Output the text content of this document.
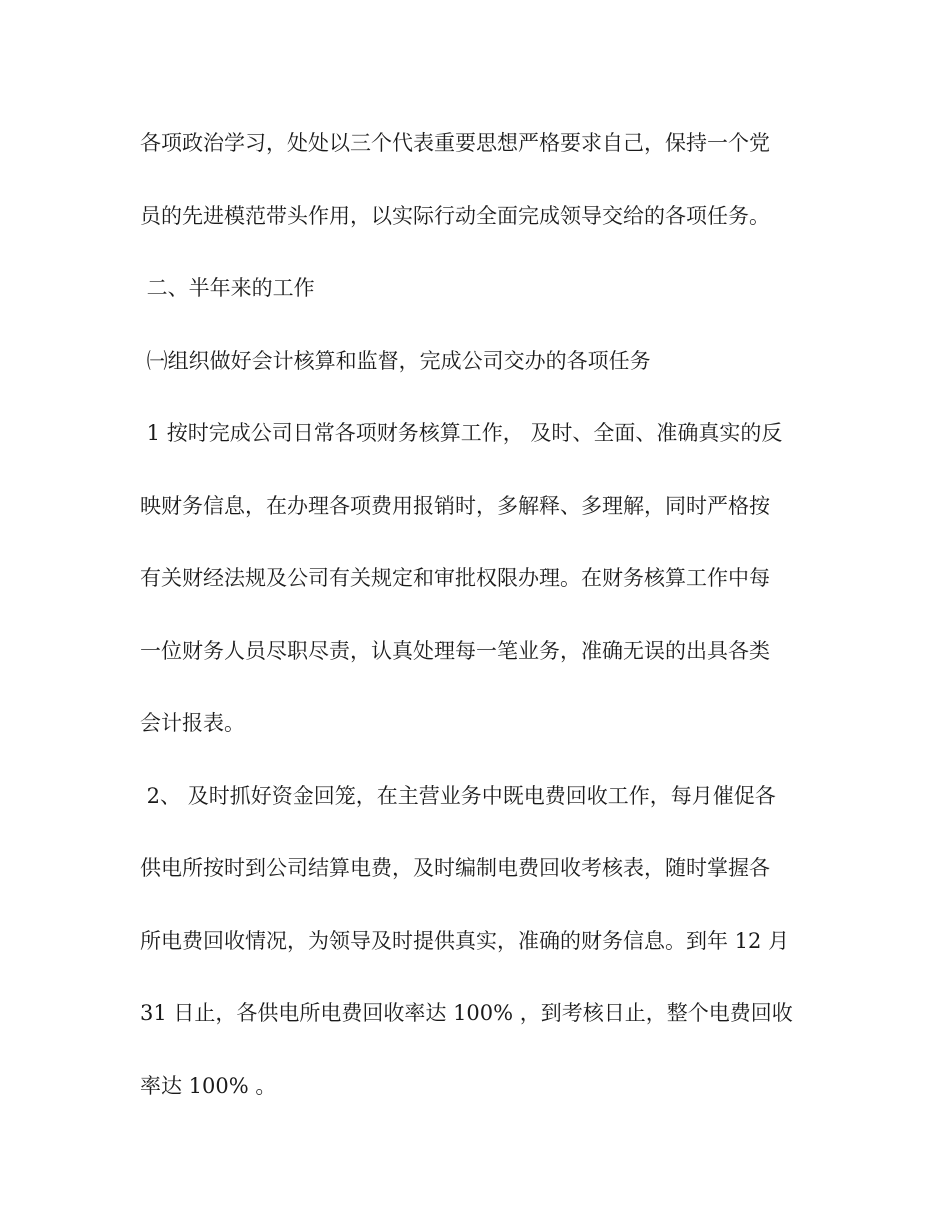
各项政治学习，处处以三个代表重要思想严格要求自己，保持一个党

员的先进模范带头作用，以实际行动全面完成领导交给的各项任务。

二、半年来的工作

㈠组织做好会计核算和监督，完成公司交办的各项任务

1 按时完成公司日常各项财务核算工作， 及时、全面、准确真实的反

映财务信息，在办理各项费用报销时，多解释、多理解，同时严格按

有关财经法规及公司有关规定和审批权限办理。在财务核算工作中每

一位财务人员尽职尽责，认真处理每一笔业务，准确无误的出具各类

会计报表。

2、 及时抓好资金回笼，在主营业务中既电费回收工作，每月催促各

供电所按时到公司结算电费，及时编制电费回收考核表，随时掌握各

所电费回收情况，为领导及时提供真实，准确的财务信息。到年 12 月

31 日止，各供电所电费回收率达 100% ，到考核日止，整个电费回收

率达 100% 。
